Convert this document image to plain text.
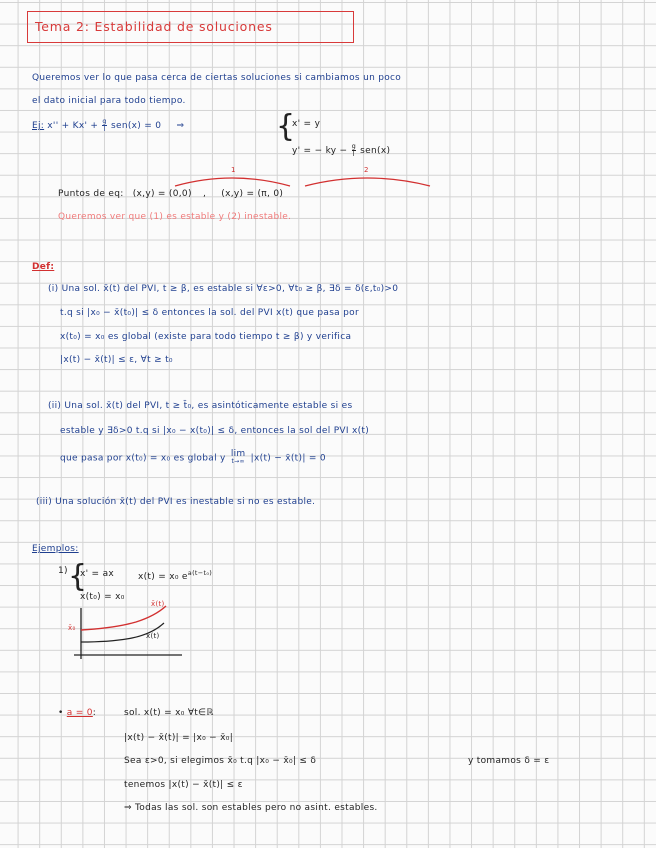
Tema 2: Estabilidad de soluciones
Queremos ver lo que pasa cerca de ciertas soluciones si cambiamos un poco
el dato inicial para todo tiempo.
Ej: $x'' + Kx' + \frac{g}{l} sen(x) = 0$ ⇒	{
x' = y
y' = − ky − $\frac{g}{l} sen(x)$
1	2
Puntos de eq: (x,y) = (0,0) , (x,y) = (π, 0)
Queremos ver que (1) es estable y (2) inestable.
Def:
(i) Una sol. x̄(t) del PVI, t ≥ β, es estable si ∀ε>0, ∀t₀ ≥ β, ∃δ = δ(ε,t₀)>0
t.q si |x₀ − x̄(t₀)| ≤ δ entonces la sol. del PVI x(t) que pasa por
x(t₀) = x₀ es global (existe para todo tiempo t ≥ β) y verifica
|x(t) − x̄(t)| ≤ ε, ∀t ≥ t₀
(ii) Una sol. x̄(t) del PVI, t ≥ t̄₀, es asintóticamente estable si es
estable y ∃δ>0 t.q si |x₀ − x(t₀)| ≤ δ, entonces la sol del PVI x(t)
que pasa por x(t₀) = x₀ es global y lim
t→∞ |x(t) − x̄(t)| = 0
(iii) Una solución x̄(t) del PVI es inestable si no es estable.
Ejemplos:
1) {
x' = ax	x(t) = x₀ $e^{a(t-t_0)}$
x(t₀) = x₀
x̄(t)
x(t)
x̄₀
• a = 0:	sol. x(t) = x₀ ∀t∈ℝ
|x(t) − x̄(t)| = |x₀ − x̄₀|
Sea ε>0, si elegimos x̄₀ t.q |x₀ − x̄₀| ≤ δ	y tomamos δ = ε
tenemos |x(t) − x̄(t)| ≤ ε
⇒ Todas las sol. son estables pero no asint. estables.
